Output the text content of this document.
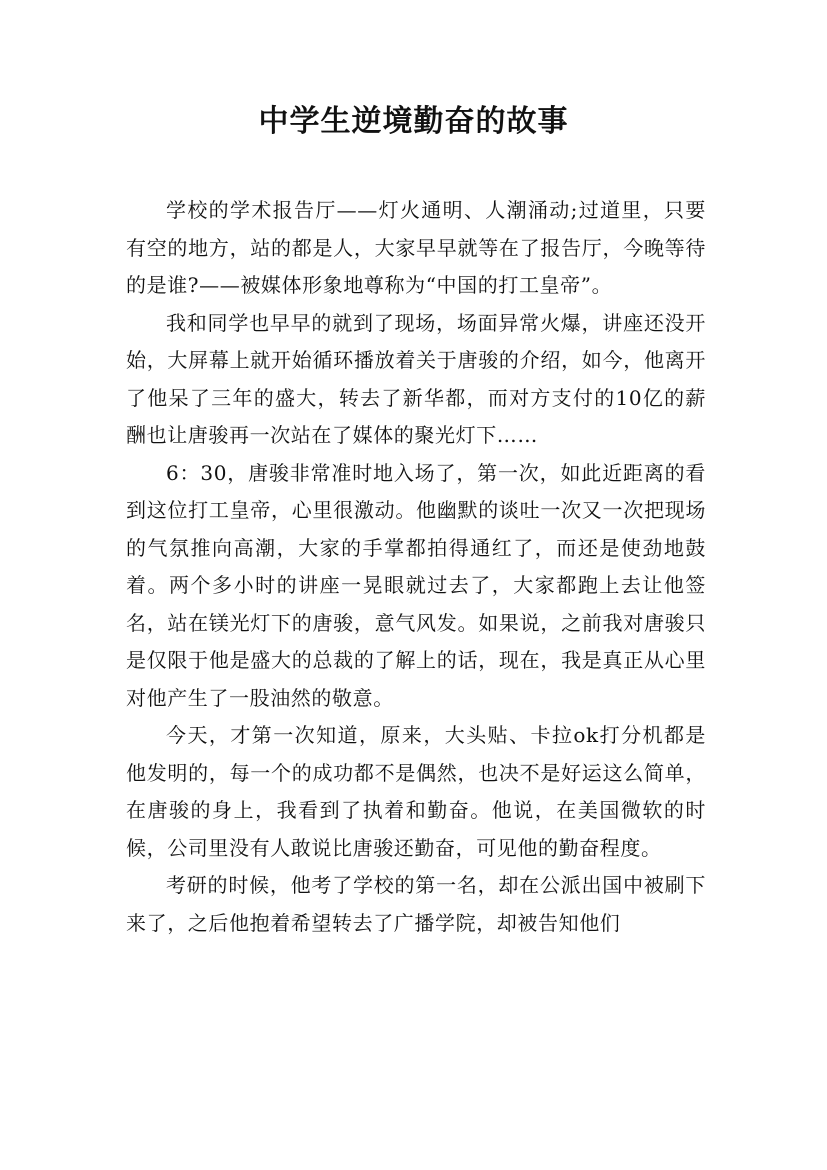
中学生逆境勤奋的故事

学校的学术报告厅——灯火通明、人潮涌动;过道里，只要有空的地方，站的都是人，大家早早就等在了报告厅，今晚等待的是谁?——被媒体形象地尊称为“中国的打工皇帝”。

我和同学也早早的就到了现场，场面异常火爆，讲座还没开始，大屏幕上就开始循环播放着关于唐骏的介绍，如今，他离开了他呆了三年的盛大，转去了新华都，而对方支付的10亿的薪酬也让唐骏再一次站在了媒体的聚光灯下……

6：30，唐骏非常准时地入场了，第一次，如此近距离的看到这位打工皇帝，心里很激动。他幽默的谈吐一次又一次把现场的气氛推向高潮，大家的手掌都拍得通红了，而还是使劲地鼓着。两个多小时的讲座一晃眼就过去了，大家都跑上去让他签名，站在镁光灯下的唐骏，意气风发。如果说，之前我对唐骏只是仅限于他是盛大的总裁的了解上的话，现在，我是真正从心里对他产生了一股油然的敬意。

今天，才第一次知道，原来，大头贴、卡拉ok打分机都是他发明的，每一个的成功都不是偶然，也决不是好运这么简单，在唐骏的身上，我看到了执着和勤奋。他说，在美国微软的时候，公司里没有人敢说比唐骏还勤奋，可见他的勤奋程度。

考研的时候，他考了学校的第一名，却在公派出国中被刷下来了，之后他抱着希望转去了广播学院，却被告知他们
